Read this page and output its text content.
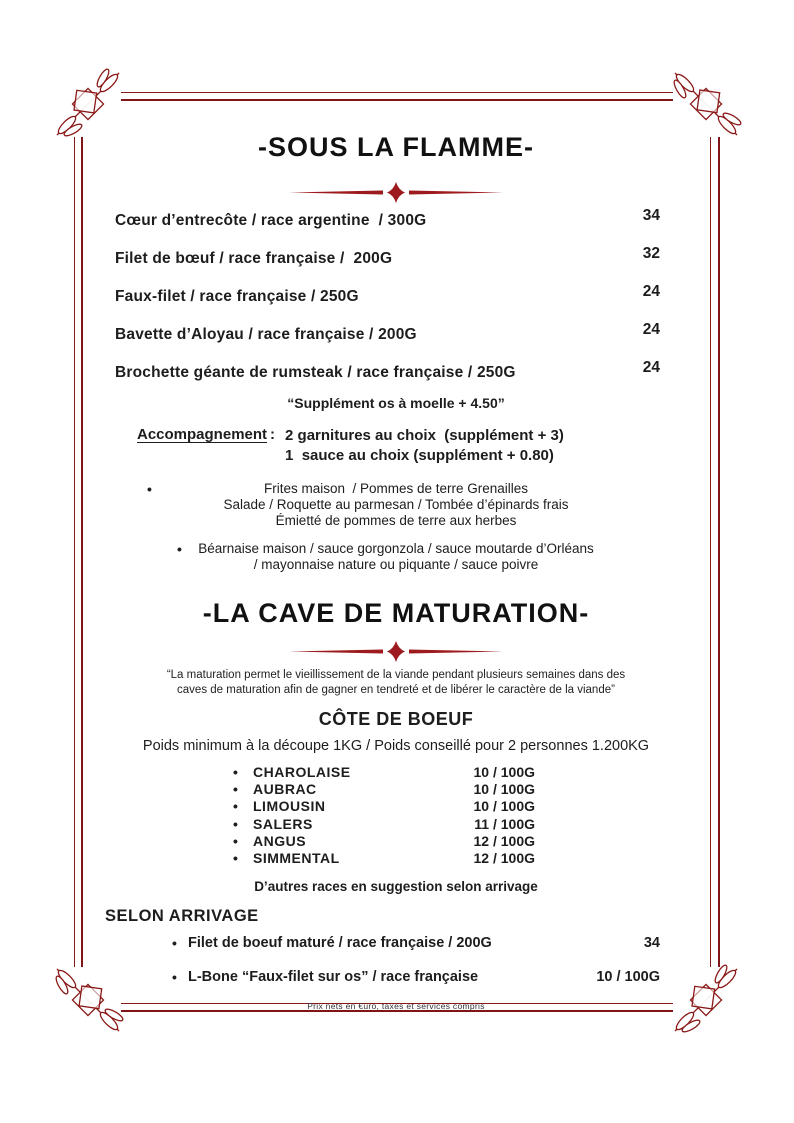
-SOUS LA FLAMME-
Cœur d’entrecôte / race argentine  / 300G	34
Filet de bœuf / race française /  200G	32
Faux-filet / race française / 250G	24
Bavette d’Aloyau / race française / 200G	24
Brochette géante de rumsteak / race française / 250G	24
“Supplément os à moelle + 4.50”
Accompagnement : 2 garnitures au choix  (supplément + 3)
1  sauce au choix (supplément + 0.80)
•	Frites maison  / Pommes de terre Grenailles
Salade / Roquette au parmesan / Tombée d’épinards frais
Émietté de pommes de terre aux herbes
•	Béarnaise maison / sauce gorgonzola / sauce moutarde d’Orléans
/ mayonnaise nature ou piquante / sauce poivre
-LA CAVE DE MATURATION-
“La maturation permet le vieillissement de la viande pendant plusieurs semaines dans des
caves de maturation afin de gagner en tendreté et de libérer le caractère de la viande”
CÔTE DE BOEUF
Poids minimum à la découpe 1KG / Poids conseillé pour 2 personnes 1.200KG
•	CHAROLAISE	10 / 100G
•	AUBRAC	10 / 100G
•	LIMOUSIN	10 / 100G
•	SALERS	11 / 100G
•	ANGUS	12 / 100G
•	SIMMENTAL	12 / 100G
D’autres races en suggestion selon arrivage
SELON ARRIVAGE
• Filet de boeuf maturé / race française / 200G	34
• L-Bone “Faux-filet sur os” / race française	10 / 100G
Prix nets en €uro, taxes et services compris
